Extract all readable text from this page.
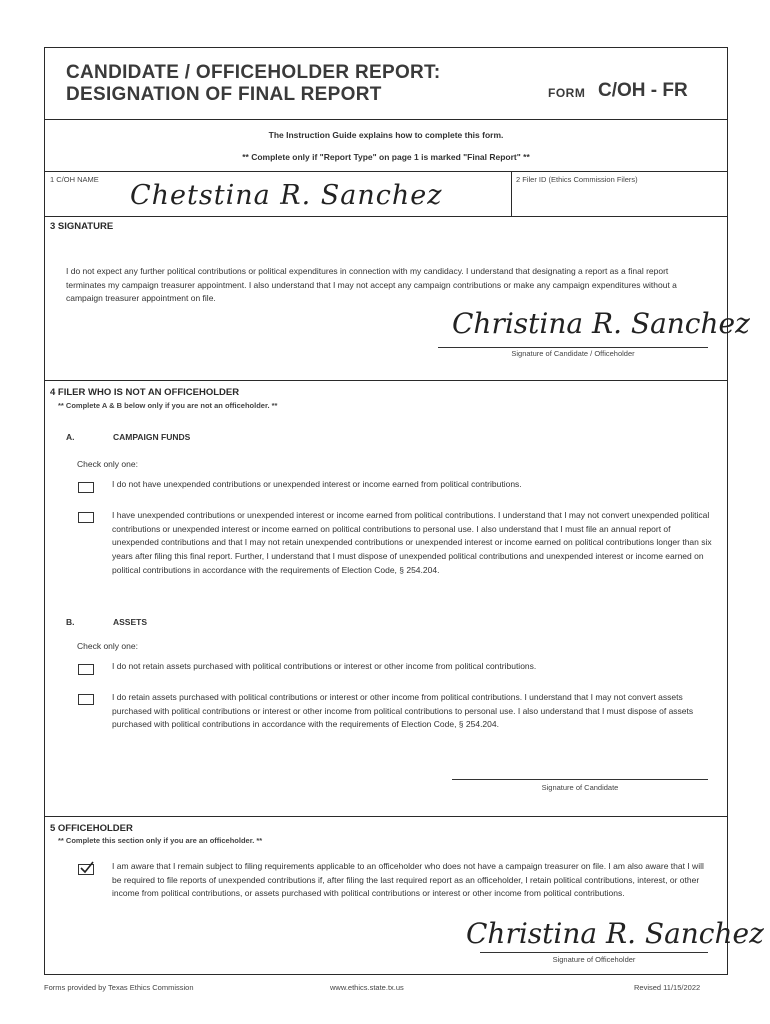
CANDIDATE / OFFICEHOLDER REPORT:
DESIGNATION OF FINAL REPORT	FORM C/OH - FR
The Instruction Guide explains how to complete this form.
** Complete only if "Report Type" on page 1 is marked "Final Report" **
1 C/OH NAME
Chetstina R. Sanchez
2 Filer ID (Ethics Commission Filers)
3 SIGNATURE
I do not expect any further political contributions or political expenditures in connection with my candidacy. I understand that designating a report as a final report terminates my campaign treasurer appointment. I also understand that I may not accept any campaign contributions or make any campaign expenditures without a campaign treasurer appointment on file.
Christina R. Sanchez
Signature of Candidate / Officeholder
4 FILER WHO IS NOT AN OFFICEHOLDER
** Complete A & B below only if you are not an officeholder. **
A.	CAMPAIGN FUNDS
Check only one:
I do not have unexpended contributions or unexpended interest or income earned from political contributions.
I have unexpended contributions or unexpended interest or income earned from political contributions. I understand that I may not convert unexpended political contributions or unexpended interest or income earned on political contributions to personal use. I also understand that I must file an annual report of unexpended contributions and that I may not retain unexpended contributions or unexpended interest or income earned on political contributions longer than six years after filing this final report. Further, I understand that I must dispose of unexpended political contributions and unexpended interest or income earned on political contributions in accordance with the requirements of Election Code, § 254.204.
B.	ASSETS
Check only one:
I do not retain assets purchased with political contributions or interest or other income from political contributions.
I do retain assets purchased with political contributions or interest or other income from political contributions. I understand that I may not convert assets purchased with political contributions or interest or other income from political contributions to personal use. I also understand that I must dispose of assets purchased with political contributions in accordance with the requirements of Election Code, § 254.204.
Signature of Candidate
5 OFFICEHOLDER
** Complete this section only if you are an officeholder. **
I am aware that I remain subject to filing requirements applicable to an officeholder who does not have a campaign treasurer on file. I am also aware that I will be required to file reports of unexpended contributions if, after filing the last required report as an officeholder, I retain political contributions, interest, or other income from political contributions, or assets purchased with political contributions or interest or other income from political contributions.
Christina R. Sanchez
Signature of Officeholder
Forms provided by Texas Ethics Commission	www.ethics.state.tx.us	Revised 11/15/2022
